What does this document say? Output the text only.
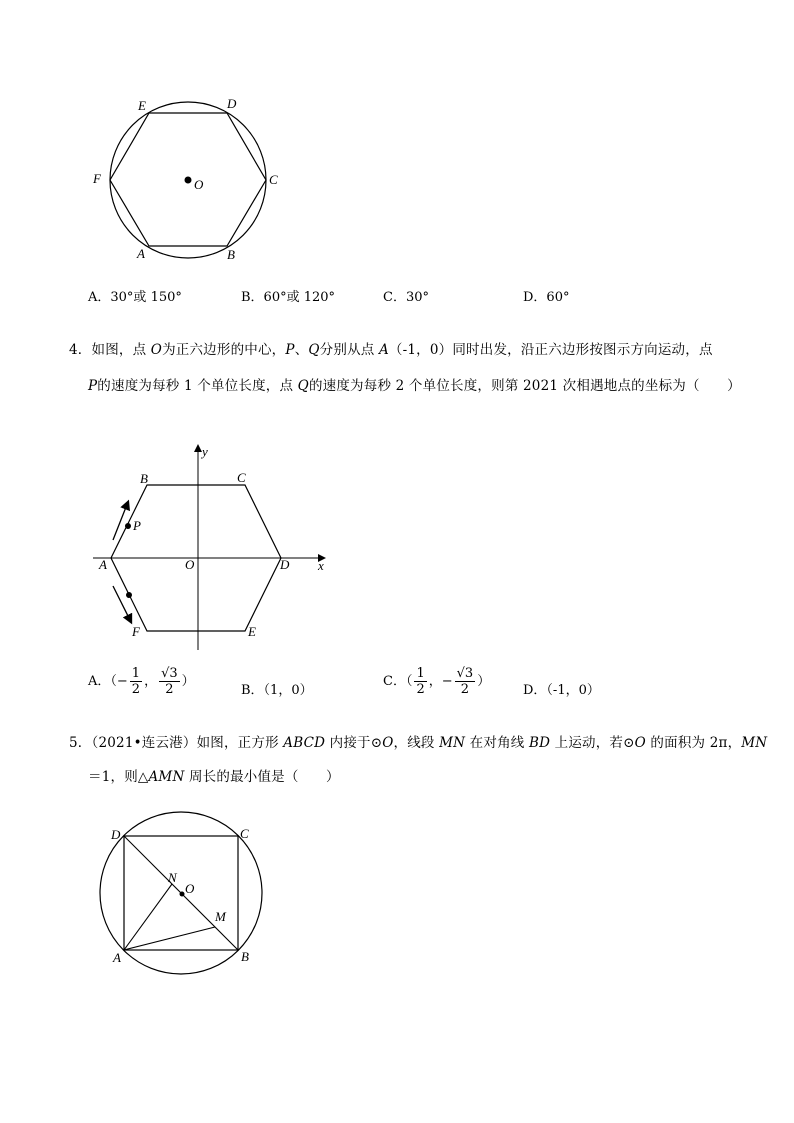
E	D
F	C
O
A	B
A．30°或 150°	B．60°或 120°	C．30°	D．60°
4．如图，点 O为正六边形的中心，P、Q分别从点 A（-1，0）同时出发，沿正六边形按图示方向运动，点
P的速度为每秒 1 个单位长度，点 Q的速度为每秒 2 个单位长度，则第 2021 次相遇地点的坐标为（　　）
y
B	C
P
A	O	D x
F	E
A．（− $\frac{1}{2}$ ， $\frac{√3}{2}$ ）
B．（1，0）
C．（ $\frac{1}{2}$ ，− $\frac{√3}{2}$ ）
D．（-1，0）
5．（2021•连云港）如图，正方形 ABCD 内接于⊙O，线段 MN 在对角线 BD 上运动，若⊙O 的面积为 2π，MN
＝1，则△AMN 周长的最小值是（　　）
D	C
N
O
M
A	B
